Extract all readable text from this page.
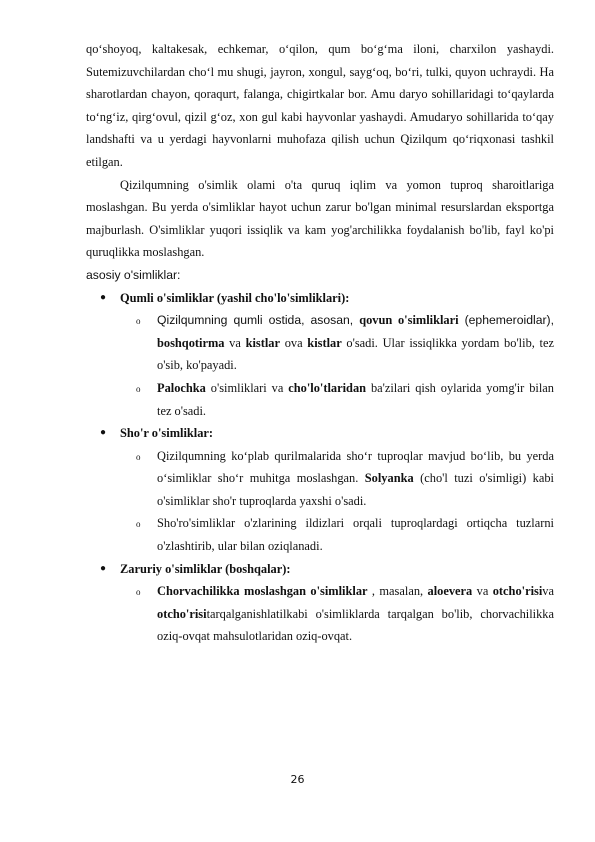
qo‘shoyoq, kaltakesak, echkemar, o‘qilon, qum bo‘g‘ma iloni, charxilon yashaydi. Sutemizuvchilardan cho‘l mu shugi, jayron, xongul, sayg‘oq, bo‘ri, tulki, quyon uchraydi. Ha sharotlardan chayon, qoraqurt, falanga, chigirtkalar bor. Amu daryo sohillaridagi to‘qaylarda to‘ng‘iz, qirg‘ovul, qizil g‘oz, xon gul kabi hayvonlar yashaydi. Amudaryo sohillarida to‘qay landshafti va u yerdagi hayvonlarni muhofaza qilish uchun Qizilqum qo‘riqxonasi tashkil etilgan.

Qizilqumning o'simlik olami o'ta quruq iqlim va yomon tuproq sharoitlariga moslashgan. Bu yerda o'simliklar hayot uchun zarur bo'lgan minimal resurslardan eksportga majburlash. O'simliklar yuqori issiqlik va kam yog'archilikka foydalanish bo'lib, fayl ko'pi quruqlikka moslashgan.

asosiy o'simliklar:

● Qumli o'simliklar (yashil cho'lo'simliklari):
o Qizilqumning qumli ostida, asosan, qovun o'simliklari (ephemeroidlar), boshqotirma va kistlar ova kistlar o'sadi. Ular issiqlikka yordam bo'lib, tez o'sib, ko'payadi.
o Palochka o'simliklari va cho'lo'tlaridan ba'zilari qish oylarida yomg'ir bilan tez o'sadi.
● Sho'r o'simliklar:
o Qizilqumning ko‘plab qurilmalarida sho‘r tuproqlar mavjud bo‘lib, bu yerda o‘simliklar sho‘r muhitga moslashgan. Solyanka (cho'l tuzi o'simligi) kabi o'simliklar sho'r tuproqlarda yaxshi o'sadi.
o Sho'ro'simliklar o'zlarining ildizlari orqali tuproqlardagi ortiqcha tuzlarni o'zlashtirib, ular bilan oziqlanadi.
● Zaruriy o'simliklar (boshqalar):
o Chorvachilikka moslashgan o'simliklar , masalan, aloevera va otcho'risiva otcho'risitarqalganishlatilkabi o'simliklarda tarqalgan bo'lib, chorvachilikka oziq-ovqat mahsulotlaridan oziq-ovqat.
26
